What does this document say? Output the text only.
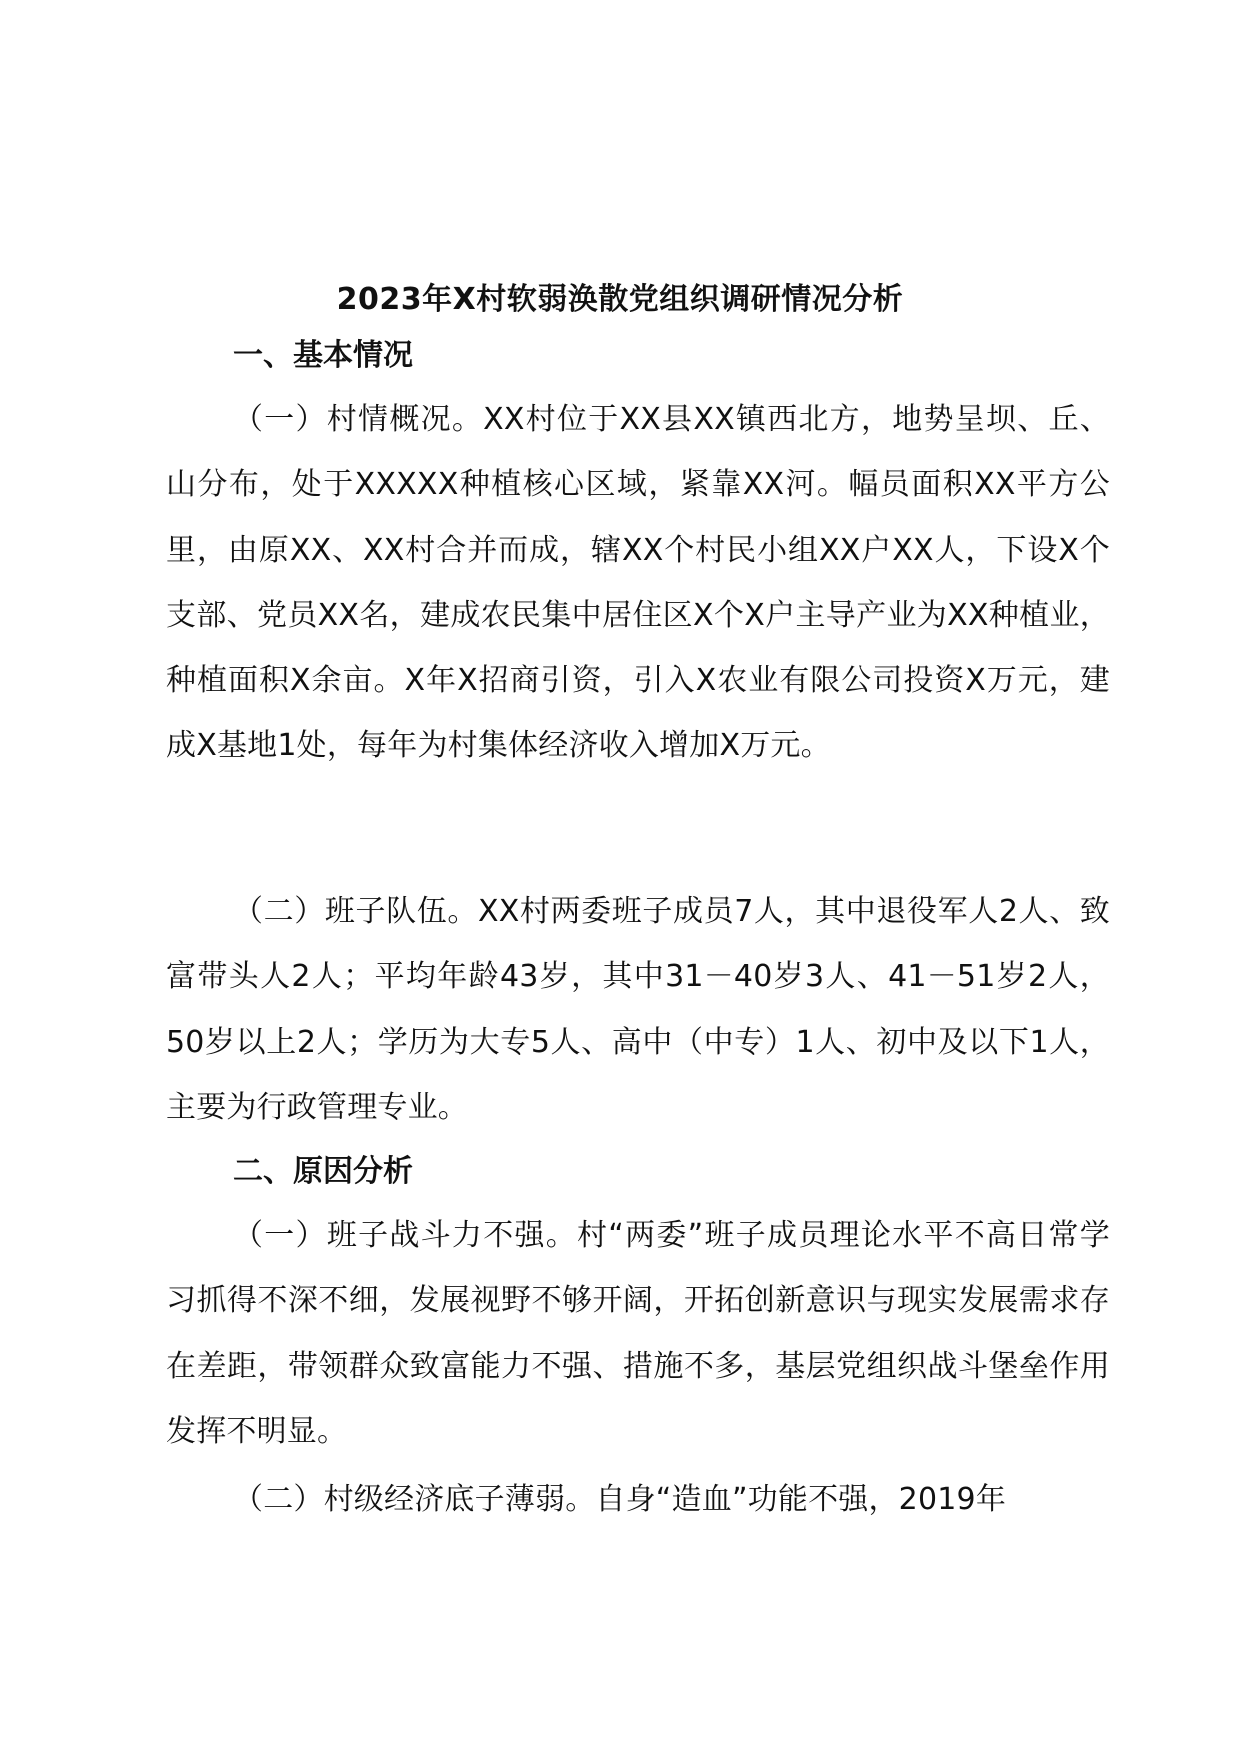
2023年X村软弱涣散党组织调研情况分析
一、基本情况

（一）村情概况。XX村位于XX县XX镇西北方，地势呈坝、丘、山分布，处于XXXXX种植核心区域，紧靠XX河。幅员面积XX平方公里，由原XX、XX村合并而成，辖XX个村民小组XX户XX人，下设X个支部、党员XX名，建成农民集中居住区X个X户主导产业为XX种植业，种植面积X余亩。X年X招商引资，引入X农业有限公司投资X万元，建成X基地1处，每年为村集体经济收入增加X万元。

（二）班子队伍。XX村两委班子成员7人，其中退役军人2人、致富带头人2人；平均年龄43岁，其中31－40岁3人、41－51岁2人，50岁以上2人；学历为大专5人、高中（中专）1人、初中及以下1人，主要为行政管理专业。

二、原因分析

（一）班子战斗力不强。村“两委”班子成员理论水平不高日常学习抓得不深不细，发展视野不够开阔，开拓创新意识与现实发展需求存在差距，带领群众致富能力不强、措施不多，基层党组织战斗堡垒作用发挥不明显。

（二）村级经济底子薄弱。自身“造血”功能不强，2019年
